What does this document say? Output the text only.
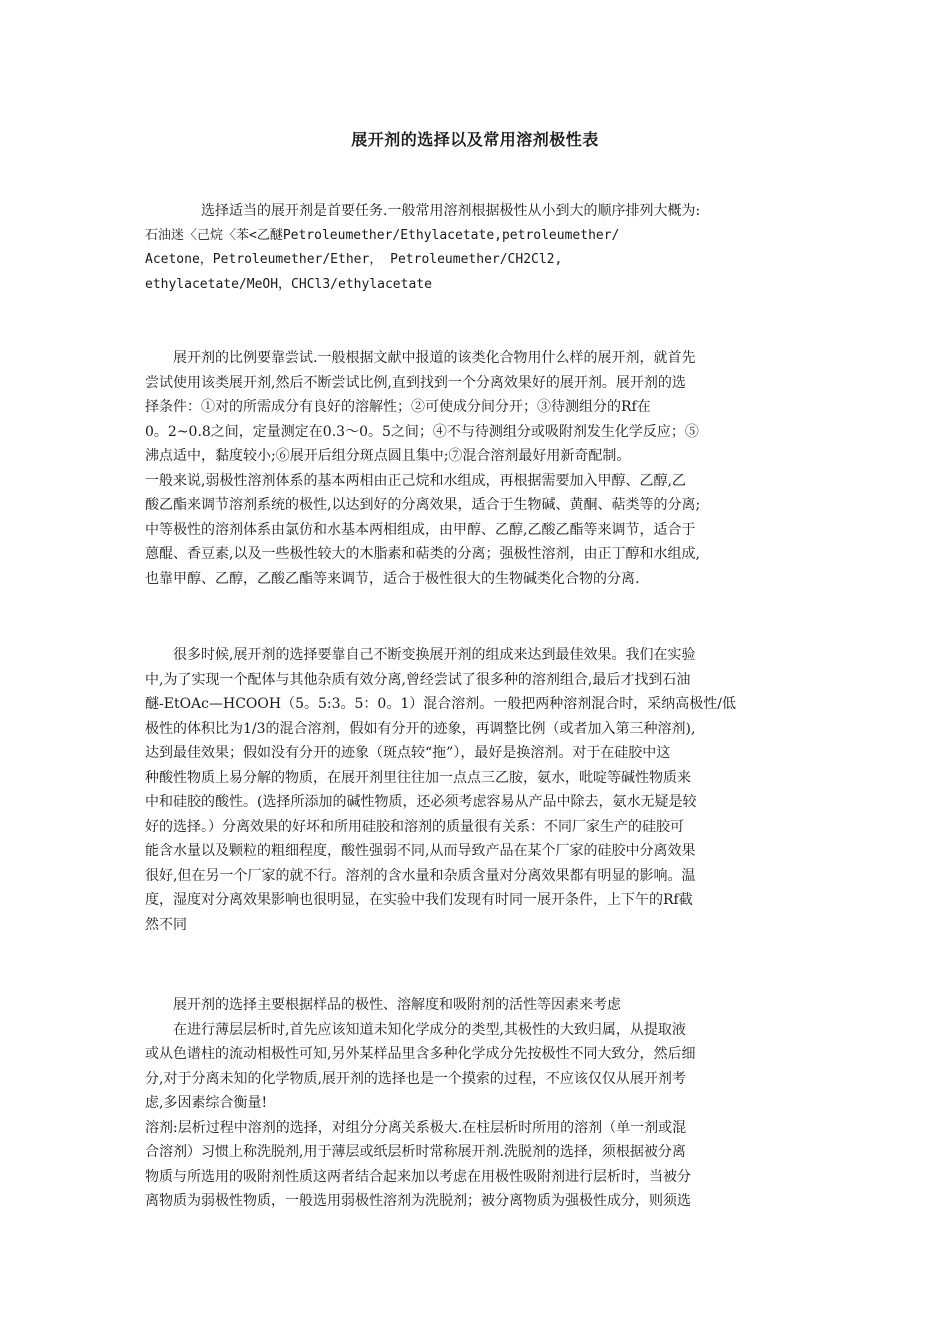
展开剂的选择以及常用溶剂极性表
选择适当的展开剂是首要任务.一般常用溶剂根据极性从小到大的顺序排列大概为:
石油迷〈己烷〈苯<乙醚Petroleumether/Ethylacetate,petroleumether/
Acetone，Petroleumether/Ether， Petroleumether/CH2Cl2,
ethylacetate/MeOH，CHCl3/ethylacetate
展开剂的比例要靠尝试.一般根据文献中报道的该类化合物用什么样的展开剂，就首先
尝试使用该类展开剂,然后不断尝试比例,直到找到一个分离效果好的展开剂。展开剂的选
择条件：①对的所需成分有良好的溶解性；②可使成分间分开；③待测组分的Rf在
0。2~0.8之间，定量测定在0.3～0。5之间；④不与待测组分或吸附剂发生化学反应；⑤
沸点适中，黏度较小;⑥展开后组分斑点圆且集中;⑦混合溶剂最好用新奇配制。
一般来说,弱极性溶剂体系的基本两相由正己烷和水组成，再根据需要加入甲醇、乙醇,乙
酸乙酯来调节溶剂系统的极性,以达到好的分离效果，适合于生物碱、黄酮、萜类等的分离;
中等极性的溶剂体系由氯仿和水基本两相组成，由甲醇、乙醇,乙酸乙酯等来调节，适合于
蒽醌、香豆素,以及一些极性较大的木脂素和萜类的分离；强极性溶剂，由正丁醇和水组成,
也靠甲醇、乙醇，乙酸乙酯等来调节，适合于极性很大的生物碱类化合物的分离.
很多时候,展开剂的选择要靠自己不断变换展开剂的组成来达到最佳效果。我们在实验
中,为了实现一个配体与其他杂质有效分离,曾经尝试了很多种的溶剂组合,最后才找到石油
醚-EtOAc—HCOOH（5。5:3。5：0。1）混合溶剂。一般把两种溶剂混合时，采纳高极性/低
极性的体积比为1/3的混合溶剂，假如有分开的迹象，再调整比例（或者加入第三种溶剂),
达到最佳效果；假如没有分开的迹象（斑点较“拖”），最好是换溶剂。对于在硅胶中这
种酸性物质上易分解的物质，在展开剂里往往加一点点三乙胺，氨水，吡啶等碱性物质来
中和硅胶的酸性。(选择所添加的碱性物质，还必须考虑容易从产品中除去，氨水无疑是较
好的选择。）分离效果的好坏和所用硅胶和溶剂的质量很有关系：不同厂家生产的硅胶可
能含水量以及颗粒的粗细程度，酸性强弱不同,从而导致产品在某个厂家的硅胶中分离效果
很好,但在另一个厂家的就不行。溶剂的含水量和杂质含量对分离效果都有明显的影响。温
度，湿度对分离效果影响也很明显，在实验中我们发现有时同一展开条件，上下午的Rf截
然不同
展开剂的选择主要根据样品的极性、溶解度和吸附剂的活性等因素来考虑
在进行薄层层析时,首先应该知道未知化学成分的类型,其极性的大致归属，从提取液
或从色谱柱的流动相极性可知,另外某样品里含多种化学成分先按极性不同大致分，然后细
分,对于分离未知的化学物质,展开剂的选择也是一个摸索的过程，不应该仅仅从展开剂考
虑,多因素综合衡量!
溶剂:层析过程中溶剂的选择，对组分分离关系极大.在柱层析时所用的溶剂（单一剂或混
合溶剂）习惯上称洗脱剂,用于薄层或纸层析时常称展开剂.洗脱剂的选择，须根据被分离
物质与所选用的吸附剂性质这两者结合起来加以考虑在用极性吸附剂进行层析时，当被分
离物质为弱极性物质，一般选用弱极性溶剂为洗脱剂；被分离物质为强极性成分，则须选
